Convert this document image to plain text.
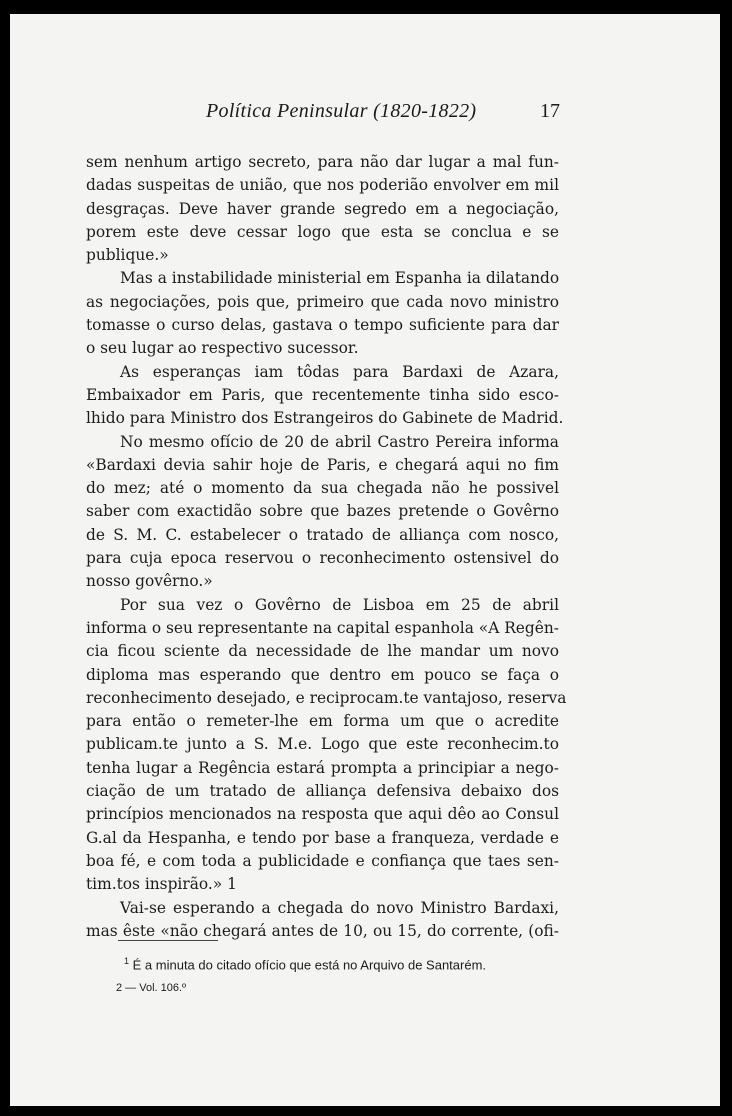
Política Peninsular (1820-1822)	17
sem nenhum artigo secreto, para não dar lugar a mal fun-
dadas suspeitas de união, que nos poderião envolver em mil
desgraças. Deve haver grande segredo em a negociação,
porem este deve cessar logo que esta se conclua e se
publique.»
Mas a instabilidade ministerial em Espanha ia dilatando
as negociações, pois que, primeiro que cada novo ministro
tomasse o curso delas, gastava o tempo suficiente para dar
o seu lugar ao respectivo sucessor.
As esperanças iam tôdas para Bardaxi de Azara,
Embaixador em Paris, que recentemente tinha sido esco-
lhido para Ministro dos Estrangeiros do Gabinete de Madrid.
No mesmo ofício de 20 de abril Castro Pereira informa
«Bardaxi devia sahir hoje de Paris, e chegará aqui no fim
do mez; até o momento da sua chegada não he possivel
saber com exactidão sobre que bazes pretende o Govêrno
de S. M. C. estabelecer o tratado de alliança com nosco,
para cuja epoca reservou o reconhecimento ostensivel do
nosso govêrno.»
Por sua vez o Govêrno de Lisboa em 25 de abril
informa o seu representante na capital espanhola «A Regên-
cia ficou sciente da necessidade de lhe mandar um novo
diploma mas esperando que dentro em pouco se faça o
reconhecimento desejado, e reciprocam.te vantajoso, reserva
para então o remeter-lhe em forma um que o acredite
publicam.te junto a S. M.e. Logo que este reconhecim.to
tenha lugar a Regência estará prompta a principiar a nego-
ciação de um tratado de alliança defensiva debaixo dos
princípios mencionados na resposta que aqui dêo ao Consul
G.al da Hespanha, e tendo por base a franqueza, verdade e
boa fé, e com toda a publicidade e confiança que taes sen-
tim.tos inspirão.» 1
Vai-se esperando a chegada do novo Ministro Bardaxi,
mas êste «não chegará antes de 10, ou 15, do corrente, (ofi-
$^1$ É a minuta do citado ofício que está no Arquivo de Santarém.
2 — Vol. 106.º
